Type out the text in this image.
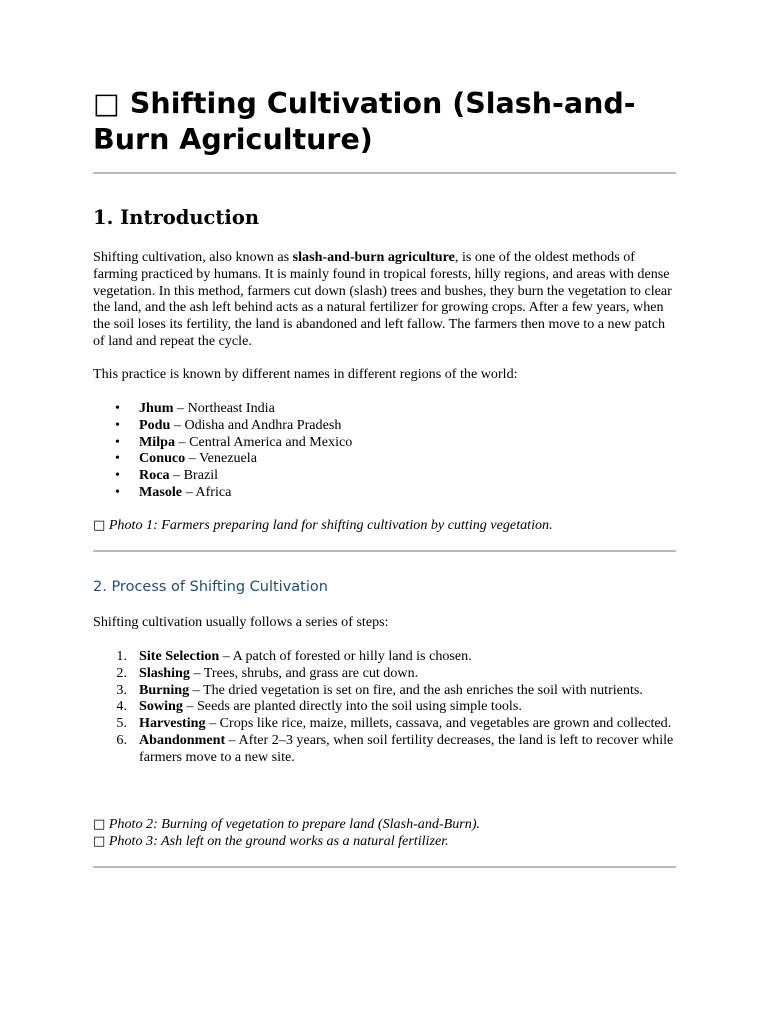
□ Shifting Cultivation (Slash-and-Burn Agriculture)
1. Introduction

Shifting cultivation, also known as slash-and-burn agriculture, is one of the oldest methods of farming practiced by humans. It is mainly found in tropical forests, hilly regions, and areas with dense vegetation. In this method, farmers cut down (slash) trees and bushes, they burn the vegetation to clear the land, and the ash left behind acts as a natural fertilizer for growing crops. After a few years, when the soil loses its fertility, the land is abandoned and left fallow. The farmers then move to a new patch of land and repeat the cycle.

This practice is known by different names in different regions of the world:

• Jhum – Northeast India
• Podu – Odisha and Andhra Pradesh
• Milpa – Central America and Mexico
• Conuco – Venezuela
• Roca – Brazil
• Masole – Africa

□ Photo 1: Farmers preparing land for shifting cultivation by cutting vegetation.

2. Process of Shifting Cultivation

Shifting cultivation usually follows a series of steps:

1. Site Selection – A patch of forested or hilly land is chosen.
2. Slashing – Trees, shrubs, and grass are cut down.
3. Burning – The dried vegetation is set on fire, and the ash enriches the soil with nutrients.
4. Sowing – Seeds are planted directly into the soil using simple tools.
5. Harvesting – Crops like rice, maize, millets, cassava, and vegetables are grown and collected.
6. Abandonment – After 2–3 years, when soil fertility decreases, the land is left to recover while farmers move to a new site.

□ Photo 2: Burning of vegetation to prepare land (Slash-and-Burn).

□ Photo 3: Ash left on the ground works as a natural fertilizer.
